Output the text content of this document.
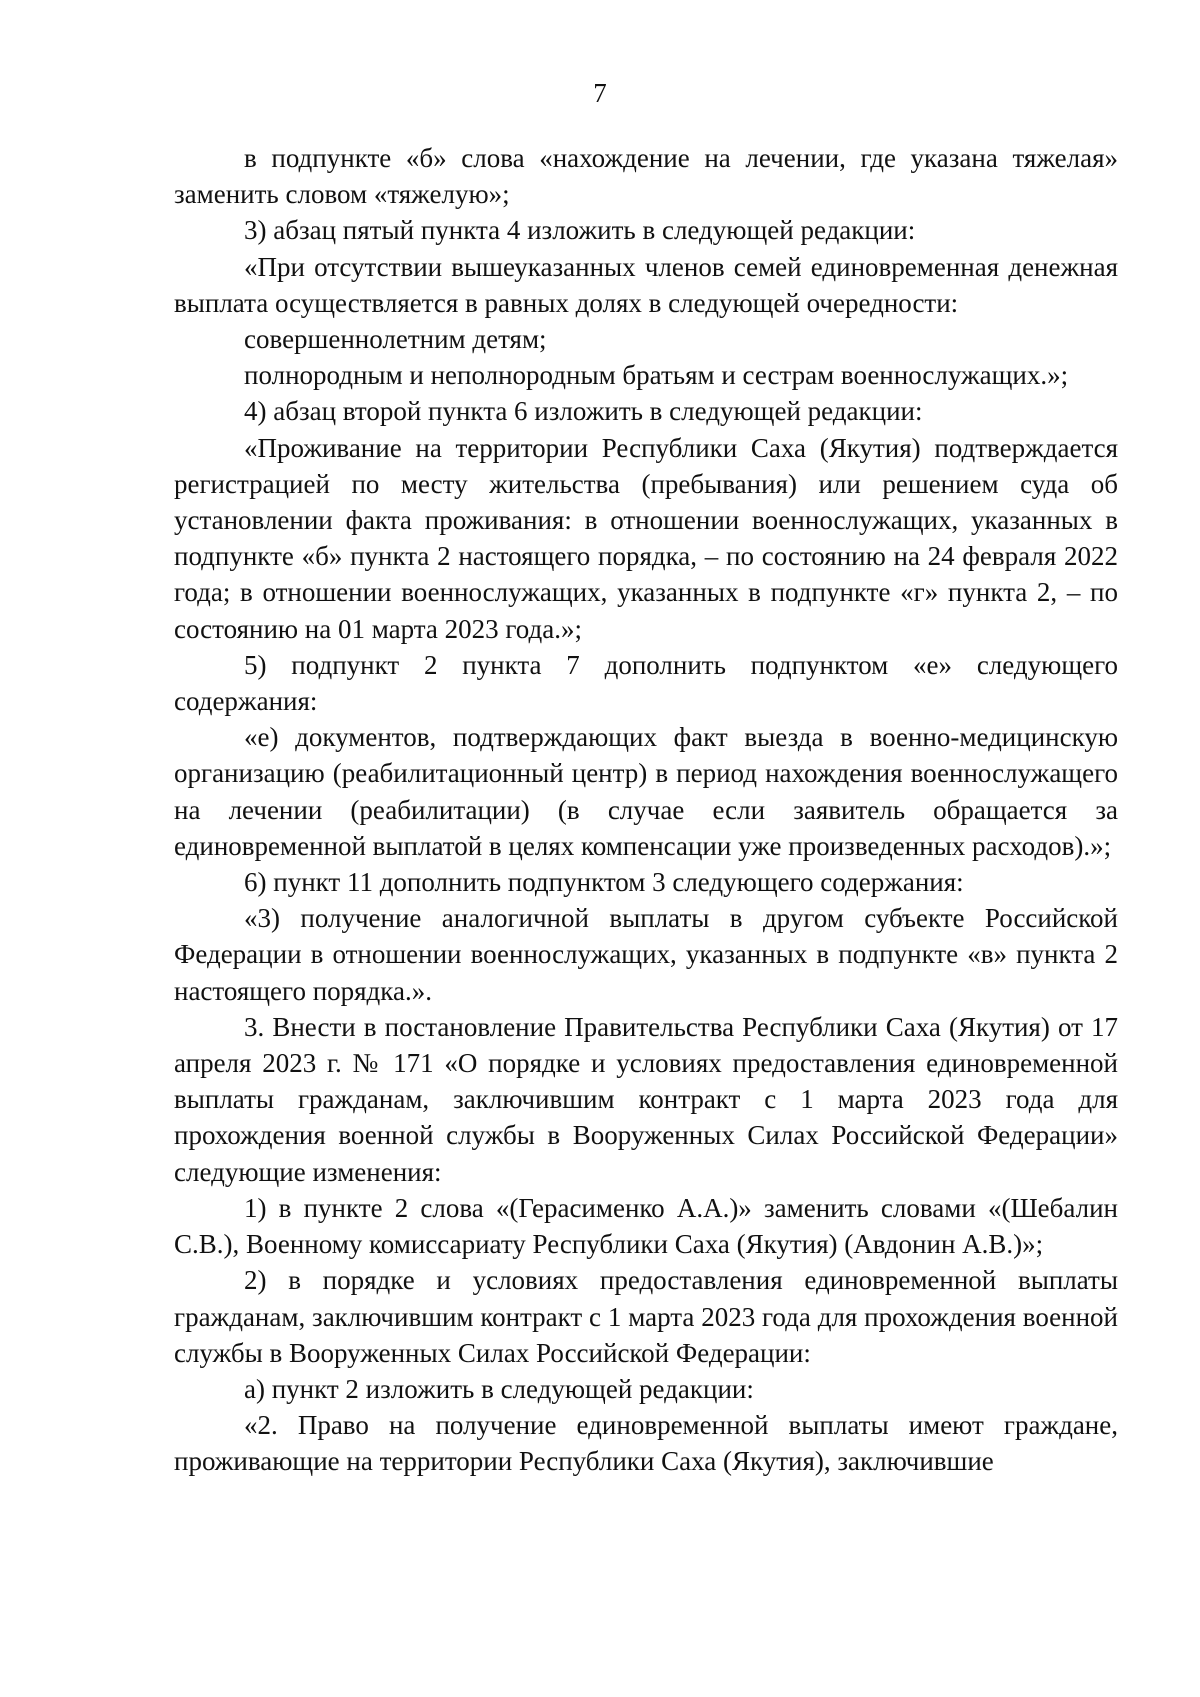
7

в подпункте «б» слова «нахождение на лечении, где указана тяжелая» заменить словом «тяжелую»;

3) абзац пятый пункта 4 изложить в следующей редакции:

«При отсутствии вышеуказанных членов семей единовременная денежная выплата осуществляется в равных долях в следующей очередности:

совершеннолетним детям;

полнородным и неполнородным братьям и сестрам военнослужащих.»;

4) абзац второй пункта 6 изложить в следующей редакции:

«Проживание на территории Республики Саха (Якутия) подтверждается регистрацией по месту жительства (пребывания) или решением суда об установлении факта проживания: в отношении военнослужащих, указанных в подпункте «б» пункта 2 настоящего порядка, – по состоянию на 24 февраля 2022 года; в отношении военнослужащих, указанных в подпункте «г» пункта 2, – по состоянию на 01 марта 2023 года.»;

5) подпункт 2 пункта 7 дополнить подпунктом «е» следующего содержания:

«е) документов, подтверждающих факт выезда в военно-медицинскую организацию (реабилитационный центр) в период нахождения военнослужащего на лечении (реабилитации) (в случае если заявитель обращается за единовременной выплатой в целях компенсации уже произведенных расходов).»;

6) пункт 11 дополнить подпунктом 3 следующего содержания:

«3) получение аналогичной выплаты в другом субъекте Российской Федерации в отношении военнослужащих, указанных в подпункте «в» пункта 2 настоящего порядка.».

3. Внести в постановление Правительства Республики Саха (Якутия) от 17 апреля 2023 г. № 171 «О порядке и условиях предоставления единовременной выплаты гражданам, заключившим контракт с 1 марта 2023 года для прохождения военной службы в Вооруженных Силах Российской Федерации» следующие изменения:

1) в пункте 2 слова «(Герасименко А.А.)» заменить словами «(Шебалин С.В.), Военному комиссариату Республики Саха (Якутия) (Авдонин А.В.)»;

2) в порядке и условиях предоставления единовременной выплаты гражданам, заключившим контракт с 1 марта 2023 года для прохождения военной службы в Вооруженных Силах Российской Федерации:

а) пункт 2 изложить в следующей редакции:

«2. Право на получение единовременной выплаты имеют граждане, проживающие на территории Республики Саха (Якутия), заключившие
